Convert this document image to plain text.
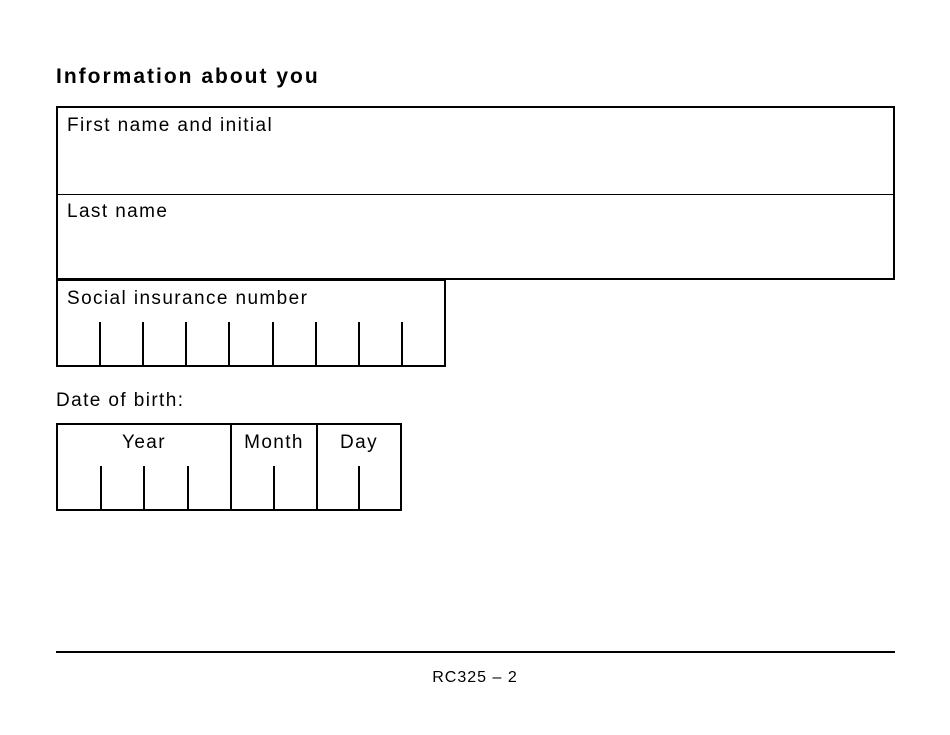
Information about you
First name and initial
Last name
Social insurance number
Date of birth:
Year	Month	Day
RC325 – 2
